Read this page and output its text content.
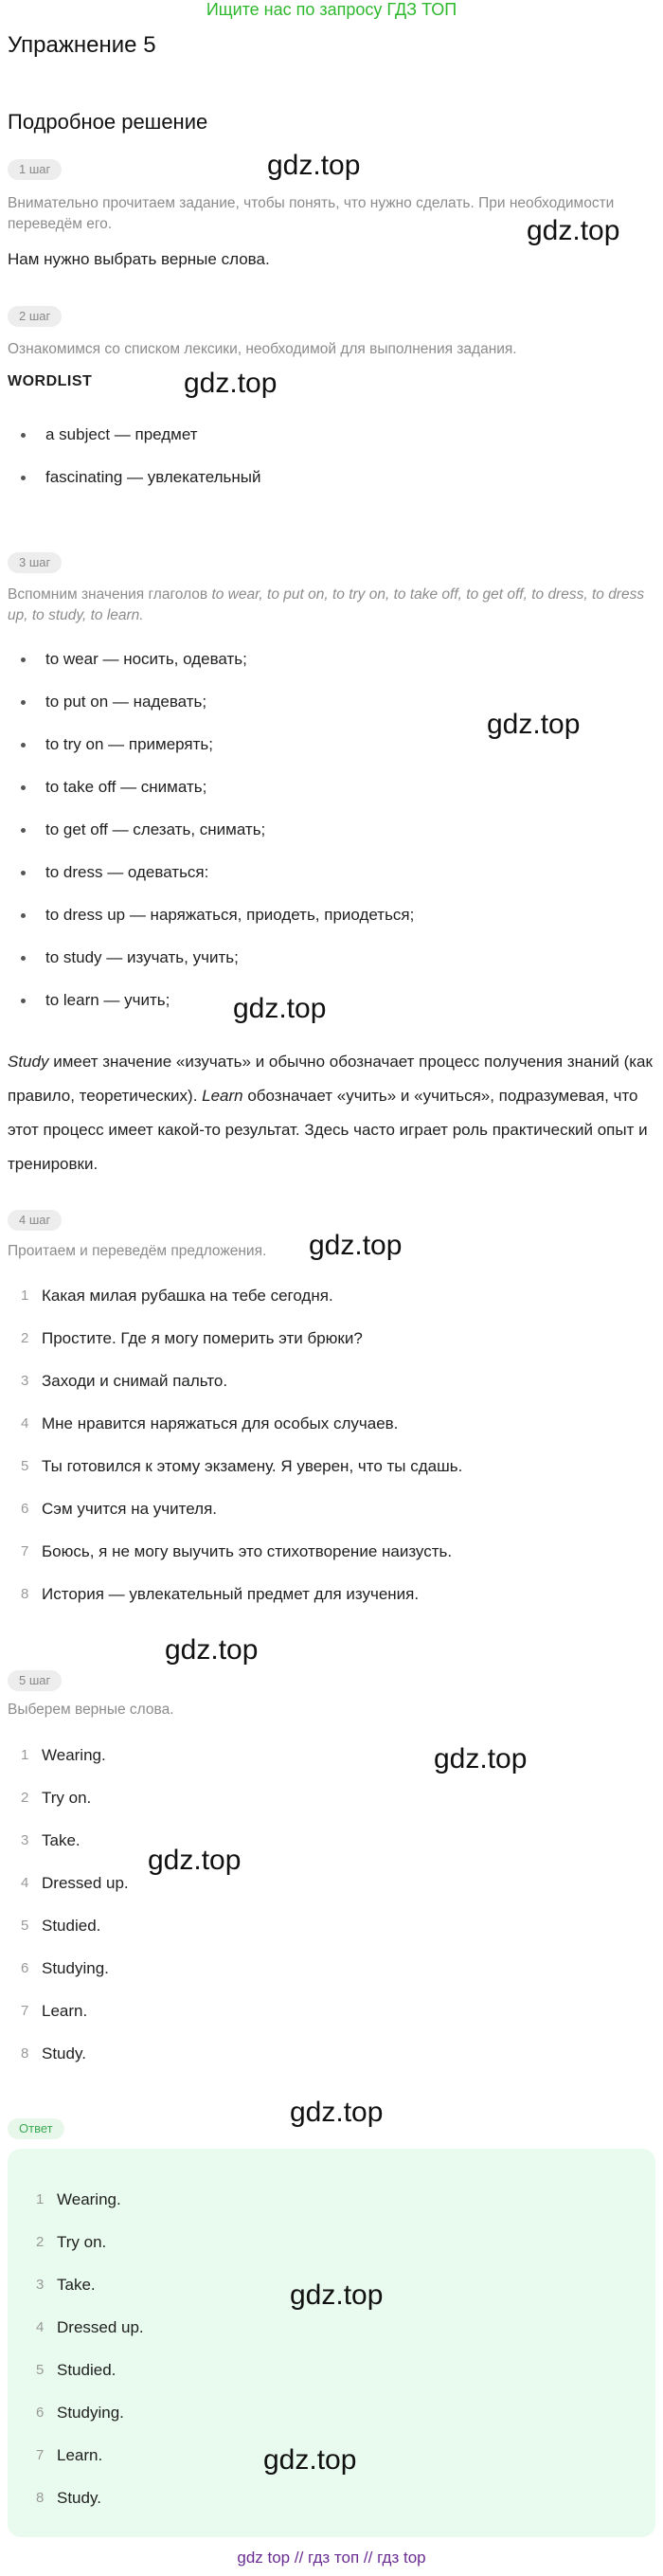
Ищите нас по запросу ГДЗ ТОП
Упражнение 5
Подробное решение
1 шаг

Внимательно прочитаем задание, чтобы понять, что нужно сделать. При необходимости переведём его.

Нам нужно выбрать верные слова.

2 шаг

Ознакомимся со списком лексики, необходимой для выполнения задания.

WORDLIST

a subject — предмет
fascinating — увлекательный
3 шаг

Вспомним значения глаголов to wear, to put on, to try on, to take off, to get off, to dress, to dress up, to study, to learn.

to wear — носить, одевать;
to put on — надевать;
to try on — примерять;
to take off — снимать;
to get off — слезать, снимать;
to dress — одеваться:
to dress up — наряжаться, приодеть, приодеться;
to study — изучать, учить;
to learn — учить;

Study имеет значение «изучать» и обычно обозначает процесс получения знаний (как правило, теоретических). Learn обозначает «учить» и «учиться», подразумевая, что этот процесс имеет какой-то результат. Здесь часто играет роль практический опыт и тренировки.

4 шаг

Проитаем и переведём предложения.

1 Какая милая рубашка на тебе сегодня.
2 Простите. Где я могу померить эти брюки?
3 Заходи и снимай пальто.
4 Мне нравится наряжаться для особых случаев.
5 Ты готовился к этому экзамену. Я уверен, что ты сдашь.
6 Сэм учится на учителя.
7 Боюсь, я не могу выучить это стихотворение наизусть.
8 История — увлекательный предмет для изучения.
5 шаг

Выберем верные слова.

1 Wearing.
2 Try on.
3 Take.
4 Dressed up.
5 Studied.
6 Studying.
7 Learn.
8 Study.
Ответ
1 Wearing.
2 Try on.
3 Take.
4 Dressed up.
5 Studied.
6 Studying.
7 Learn.
8 Study.
gdz.top
gdz.top
gdz.top
gdz.top
gdz.top
gdz.top
gdz.top
gdz.top
gdz.top
gdz.top
gdz.top
gdz.top
gdz top // гдз топ // гдз top
